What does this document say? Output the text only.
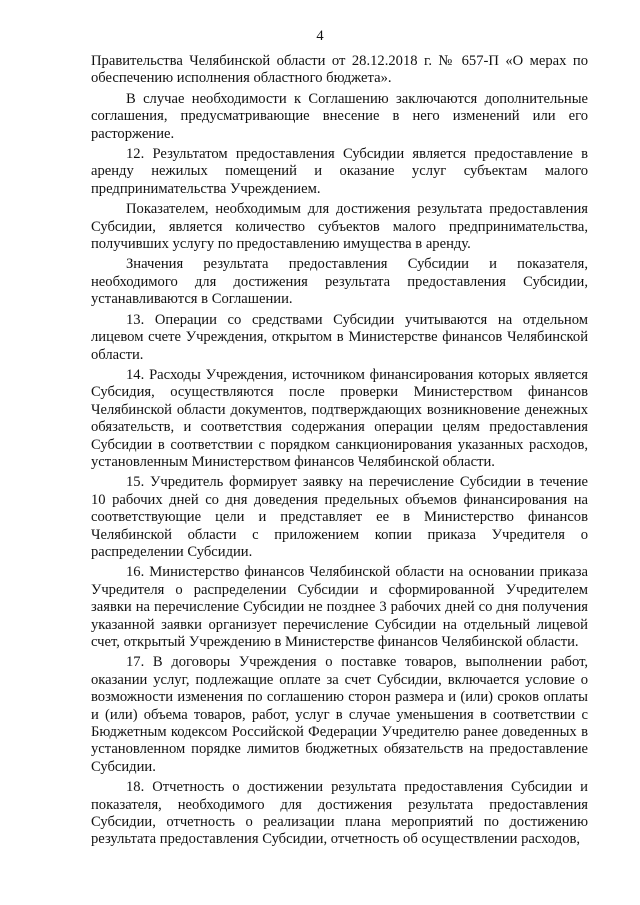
4

Правительства Челябинской области от 28.12.2018 г. № 657-П «О мерах по обеспечению исполнения областного бюджета».

В случае необходимости к Соглашению заключаются дополнительные соглашения, предусматривающие внесение в него изменений или его расторжение.

12. Результатом предоставления Субсидии является предоставление в аренду нежилых помещений и оказание услуг субъектам малого предпринимательства Учреждением.

Показателем, необходимым для достижения результата предоставления Субсидии, является количество субъектов малого предпринимательства, получивших услугу по предоставлению имущества в аренду.

Значения результата предоставления Субсидии и показателя, необходимого для достижения результата предоставления Субсидии, устанавливаются в Соглашении.

13. Операции со средствами Субсидии учитываются на отдельном лицевом счете Учреждения, открытом в Министерстве финансов Челябинской области.

14. Расходы Учреждения, источником финансирования которых является Субсидия, осуществляются после проверки Министерством финансов Челябинской области документов, подтверждающих возникновение денежных обязательств, и соответствия содержания операции целям предоставления Субсидии в соответствии с порядком санкционирования указанных расходов, установленным Министерством финансов Челябинской области.

15. Учредитель формирует заявку на перечисление Субсидии в течение 10 рабочих дней со дня доведения предельных объемов финансирования на соответствующие цели и представляет ее в Министерство финансов Челябинской области с приложением копии приказа Учредителя о распределении Субсидии.

16. Министерство финансов Челябинской области на основании приказа Учредителя о распределении Субсидии и сформированной Учредителем заявки на перечисление Субсидии не позднее 3 рабочих дней со дня получения указанной заявки организует перечисление Субсидии на отдельный лицевой счет, открытый Учреждению в Министерстве финансов Челябинской области.

17. В договоры Учреждения о поставке товаров, выполнении работ, оказании услуг, подлежащие оплате за счет Субсидии, включается условие о возможности изменения по соглашению сторон размера и (или) сроков оплаты и (или) объема товаров, работ, услуг в случае уменьшения в соответствии с Бюджетным кодексом Российской Федерации Учредителю ранее доведенных в установленном порядке лимитов бюджетных обязательств на предоставление Субсидии.

18. Отчетность о достижении результата предоставления Субсидии и показателя, необходимого для достижения результата предоставления Субсидии, отчетность о реализации плана мероприятий по достижению результата предоставления Субсидии, отчетность об осуществлении расходов,
